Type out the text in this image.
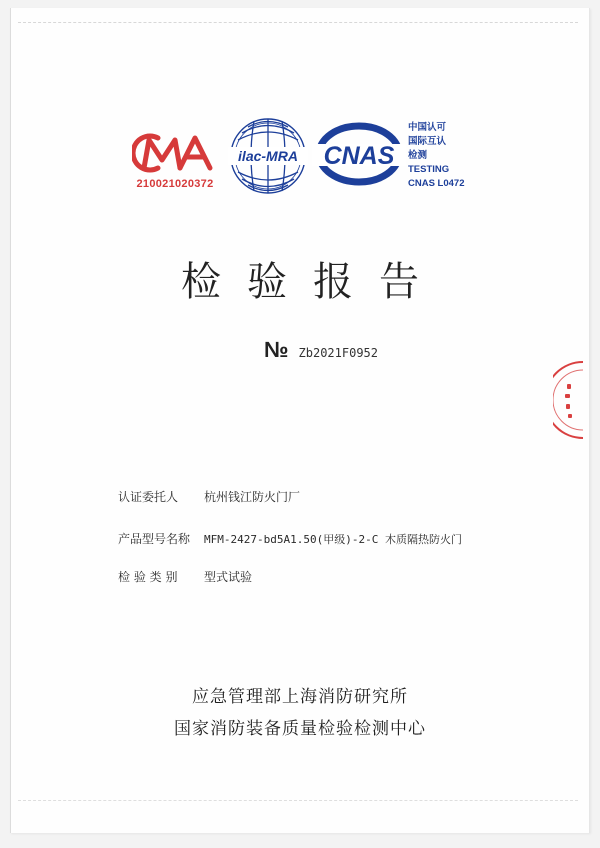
210021020372
ilac-MRA CNAS
中国认可
国际互认
检测
TESTING
CNAS L0472
检验报告
№ Zb2021F0952
认证委托人 杭州钱江防火门厂
产品型号名称 MFM-2427-bd5A1.50(甲级)-2-C 木质隔热防火门
检 验 类 别 型式试验
应急管理部上海消防研究所
国家消防装备质量检验检测中心
